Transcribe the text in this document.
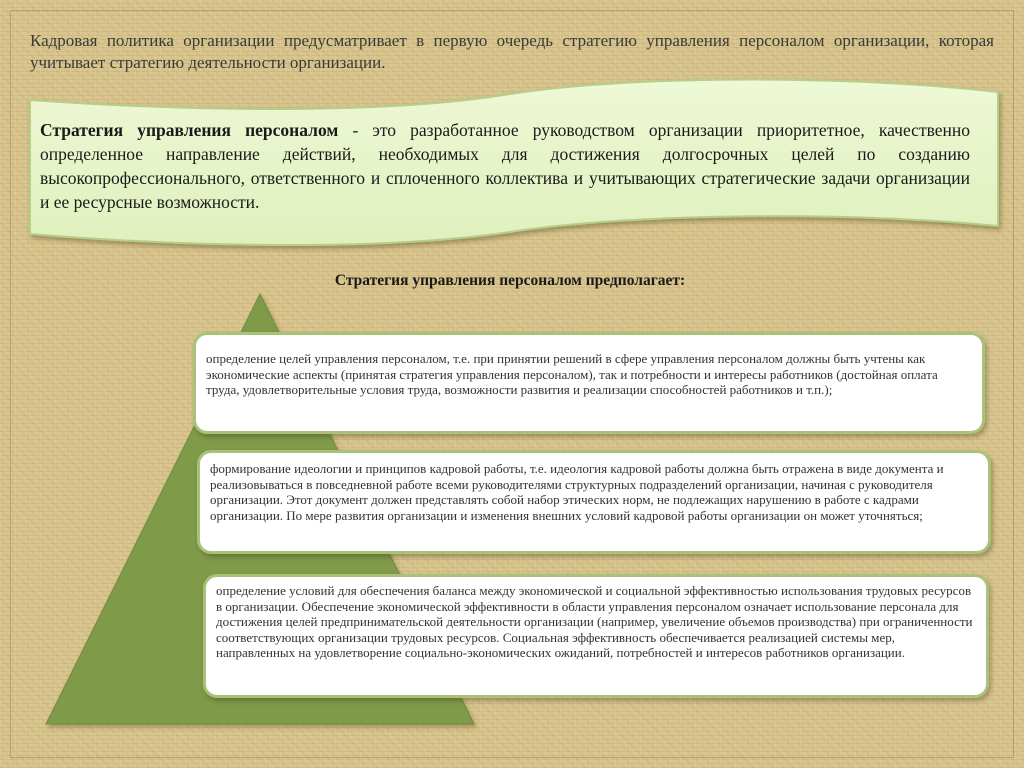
Кадровая политика организации предусматривает в первую очередь стратегию управления персоналом организации, которая учитывает стратегию деятельности организации.
Стратегия управления персоналом - это разработанное руководством организации приоритетное, качественно определенное направление действий, необходимых для достижения долгосрочных целей по созданию высокопрофессионального, ответственного и сплоченного коллектива и учитывающих стратегические задачи организации и ее ресурсные возможности.
Стратегия управления персоналом предполагает:
определение целей управления персоналом, т.е. при принятии решений в сфере управления персоналом должны быть учтены как экономические аспекты (принятая стратегия управления персоналом), так и потребности и интересы работников (достойная оплата труда, удовлетворительные условия труда, возможности развития и реализации способностей работников и т.п.);
формирование идеологии и принципов кадровой работы, т.е. идеология кадровой работы должна быть отражена в виде документа и реализовываться в повседневной работе всеми руководителями структурных подразделений организации, начиная с руководителя организации. Этот документ должен представлять собой набор этических норм, не подлежащих нарушению в работе с кадрами организации. По мере развития организации и изменения внешних условий кадровой работы организации он может уточняться;
определение условий для обеспечения баланса между экономической и социальной эффективностью использования трудовых ресурсов в организации. Обеспечение экономической эффективности в области управления персоналом означает использование персонала для достижения целей предпринимательской деятельности организации (например, увеличение объемов производства) при ограниченности соответствующих организации трудовых ресурсов. Социальная эффективность обеспечивается реализацией системы мер, направленных на удовлетворение социально-экономических ожиданий, потребностей и интересов работников организации.
